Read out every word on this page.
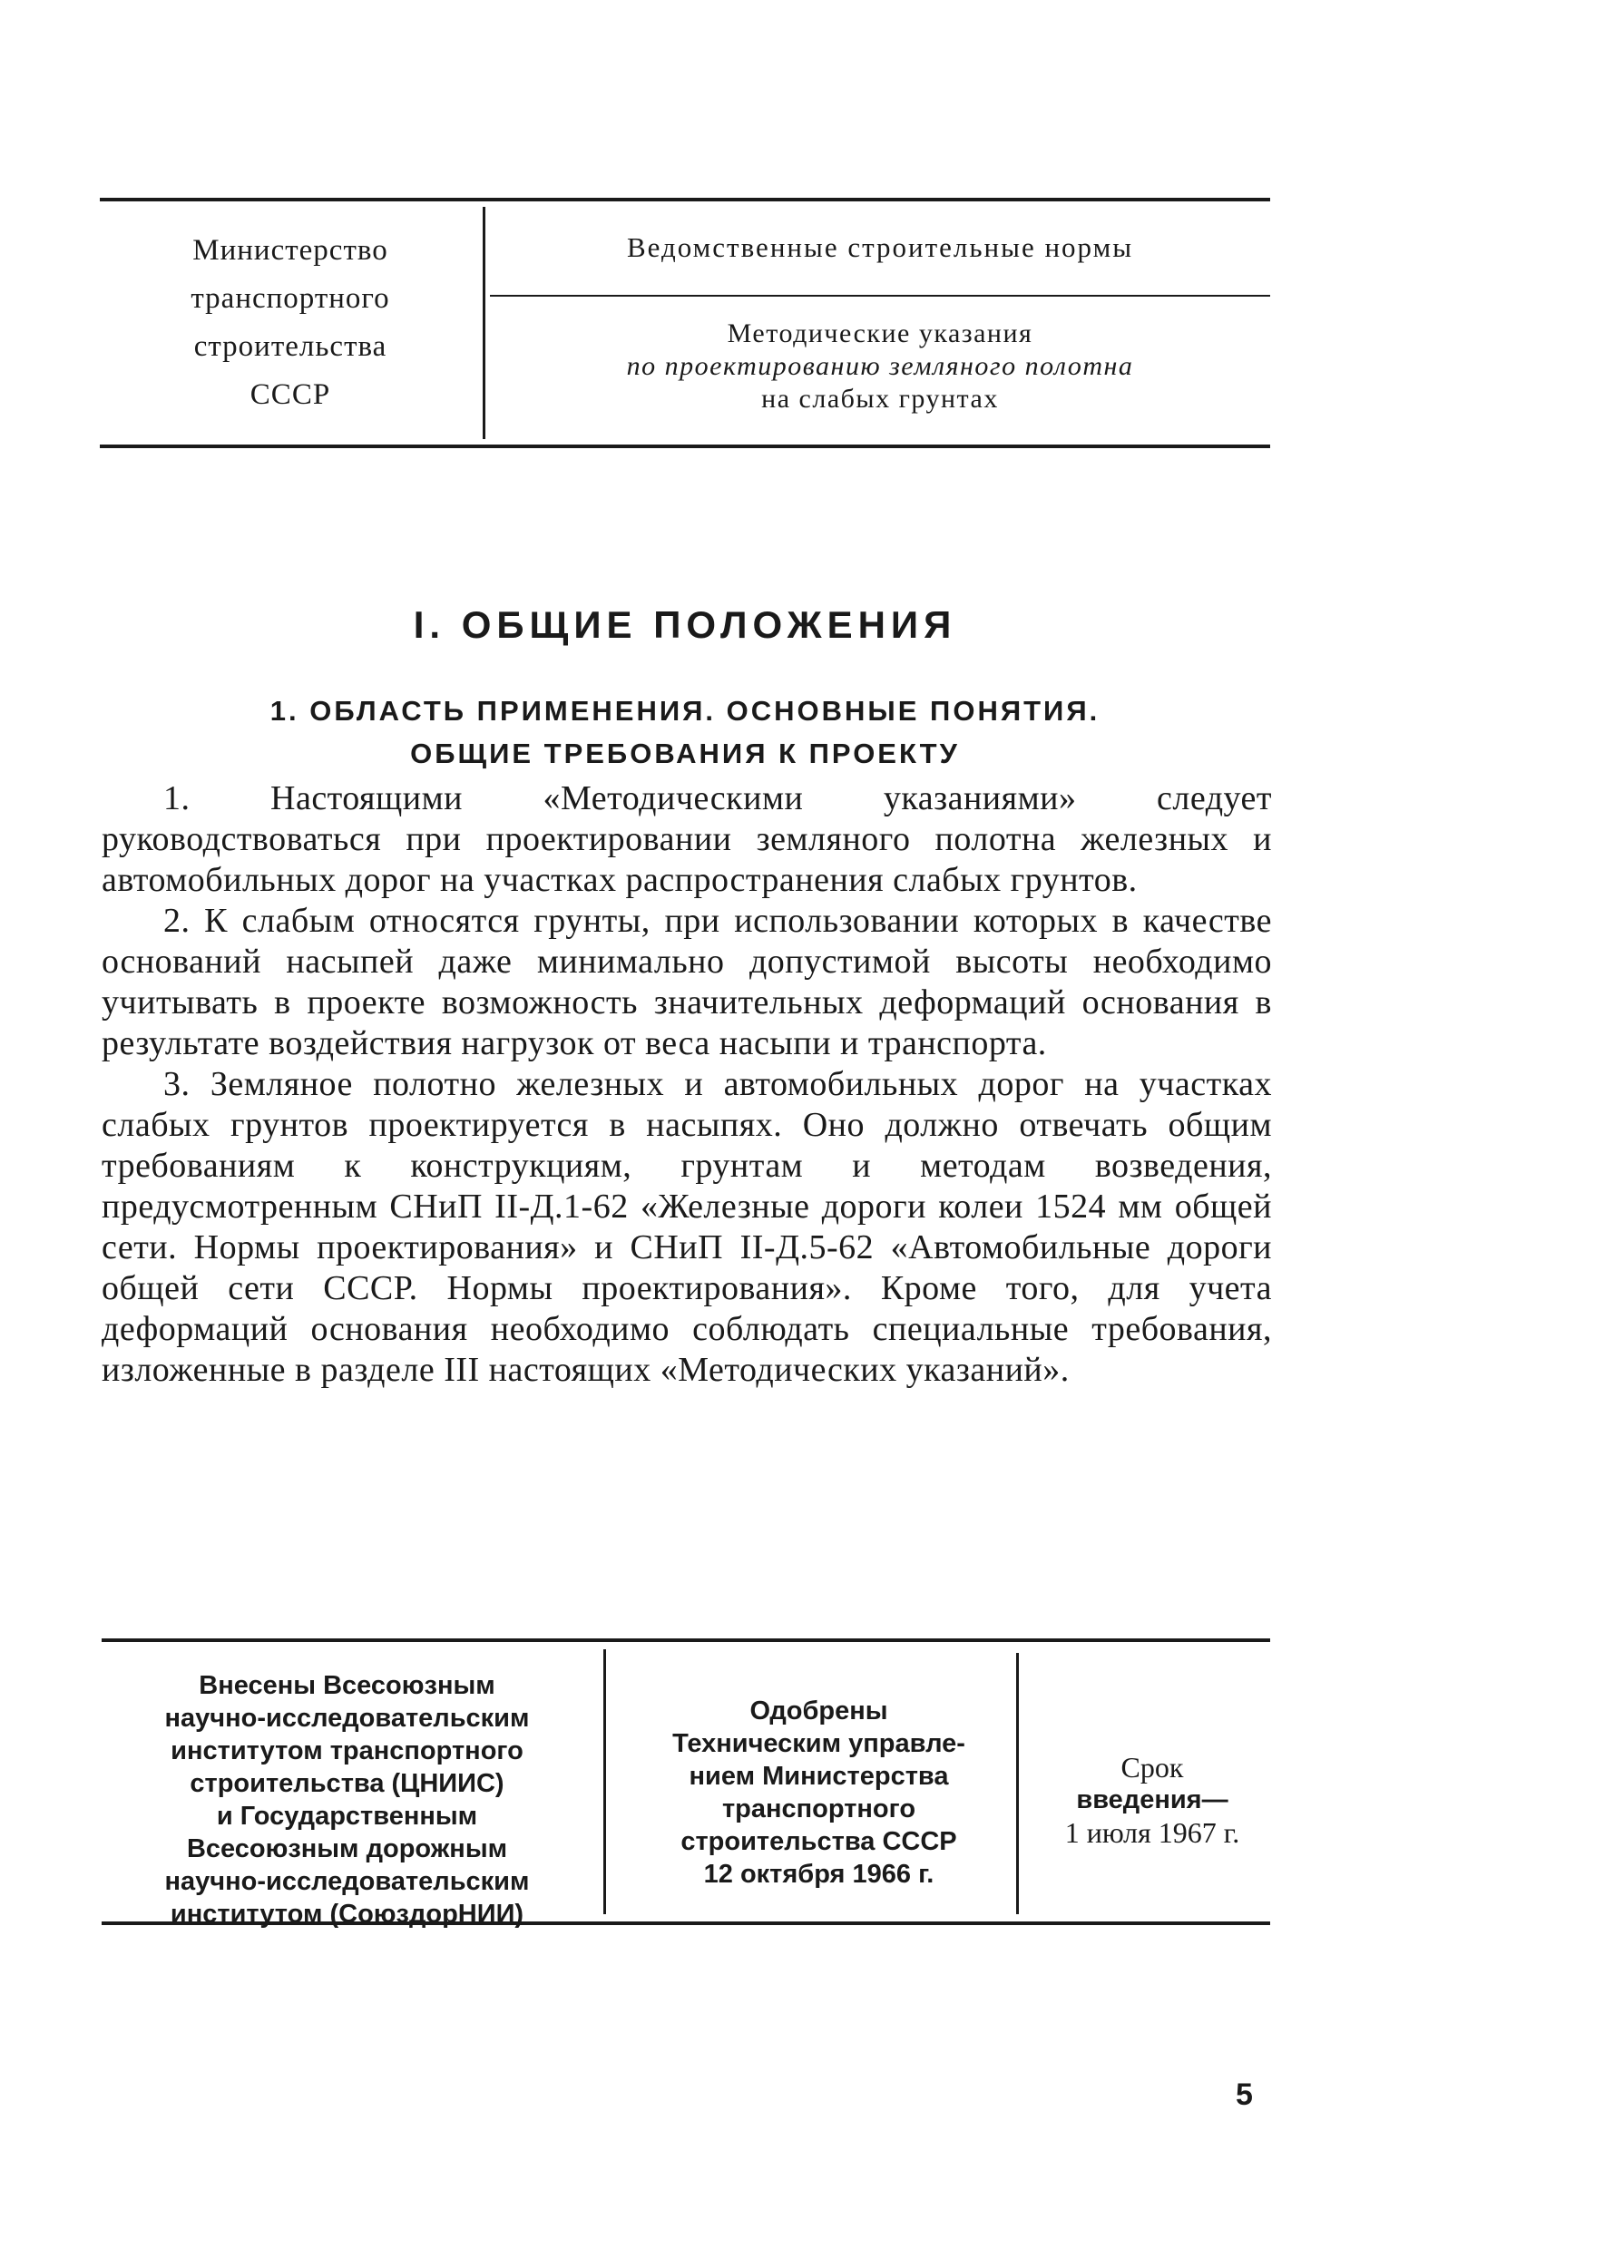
Министерство
транспортного
строительства
СССР
Ведомственные строительные нормы
Методические указания
по проектированию земляного полотна
на слабых грунтах
I. ОБЩИЕ ПОЛОЖЕНИЯ
1. ОБЛАСТЬ ПРИМЕНЕНИЯ. ОСНОВНЫЕ ПОНЯТИЯ.
ОБЩИЕ ТРЕБОВАНИЯ К ПРОЕКТУ

1. Настоящими «Методическими указаниями» следует руководствоваться при проектировании земляного полотна железных и автомобильных дорог на участках распространения слабых грунтов.

2. К слабым относятся грунты, при использовании которых в качестве оснований насыпей даже минимально допустимой высоты необходимо учитывать в проекте возможность значительных деформаций основания в результате воздействия нагрузок от веса насыпи и транспорта.

3. Земляное полотно железных и автомобильных дорог на участках слабых грунтов проектируется в насыпях. Оно должно отвечать общим требованиям к конструкциям, грунтам и методам возведения, предусмотренным СНиП II-Д.1-62 «Железные дороги колеи 1524 мм общей сети. Нормы проектирования» и СНиП II-Д.5-62 «Автомобильные дороги общей сети СССР. Нормы проектирования». Кроме того, для учета деформаций основания необходимо соблюдать специальные требования, изложенные в разделе III настоящих «Методических указаний».

Внесены Всесоюзным
научно-исследовательским
институтом транспортного
строительства (ЦНИИС)
и Государственным
Всесоюзным дорожным
научно-исследовательским
институтом (СоюздорНИИ)
Одобрены
Техническим управле-
нием Министерства
транспортного
строительства СССР
12 октября 1966 г.
Срок
введения—
1 июля 1967 г.
5
